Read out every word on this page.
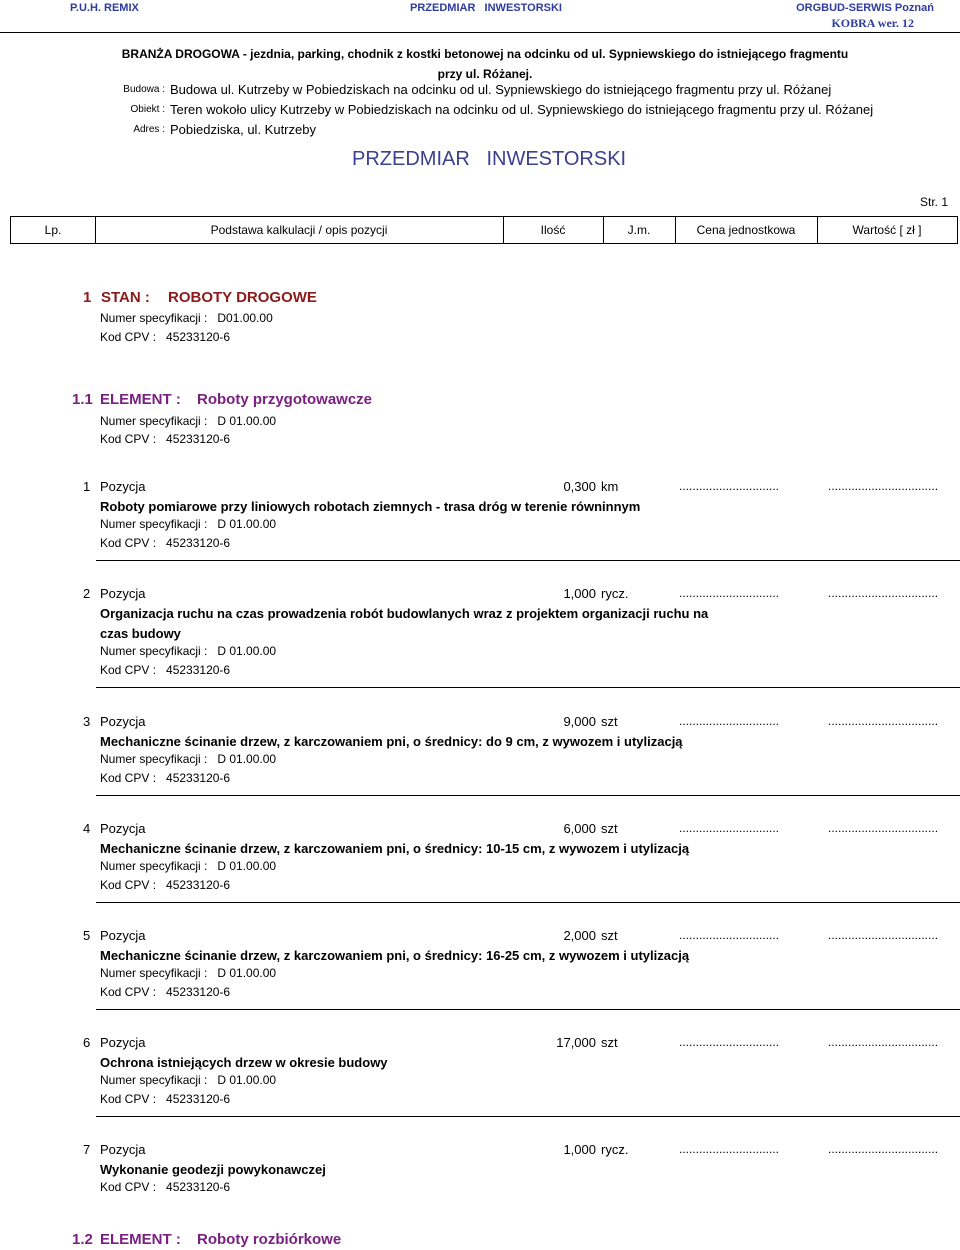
P.U.H. REMIX	PRZEDMIAR   INWESTORSKI	ORGBUD-SERWIS Poznań
KOBRA wer. 12
BRANŻA DROGOWA - jezdnia, parking, chodnik z kostki betonowej na odcinku od ul. Sypniewskiego do istniejącego fragmentu przy ul. Różanej.
Budowa : Budowa ul. Kutrzeby w Pobiedziskach na odcinku od ul. Sypniewskiego do istniejącego fragmentu przy ul. Różanej
Obiekt : Teren wokoło ulicy Kutrzeby w Pobiedziskach na odcinku od ul. Sypniewskiego do istniejącego fragmentu przy ul. Różanej
Adres : Pobiedziska, ul. Kutrzeby
PRZEDMIAR   INWESTORSKI
Str. 1
Lp.	Podstawa kalkulacji / opis pozycji	Ilość	J.m.	Cena jednostkowa	Wartość [ zł ]
1 STAN : ROBOTY DROGOWE
Numer specyfikacji :   D01.00.00
Kod CPV :   45233120-6
1.1 ELEMENT : Roboty przygotowawcze
Numer specyfikacji :   D 01.00.00
Kod CPV :   45233120-6
1 Pozycja	0,300 km	..............................	.................................
Roboty pomiarowe przy liniowych robotach ziemnych - trasa dróg w terenie równinnym
Numer specyfikacji :   D 01.00.00
Kod CPV :   45233120-6
2 Pozycja	1,000 rycz.	..............................	.................................
Organizacja ruchu na czas prowadzenia robót budowlanych wraz z projektem organizacji ruchu na czas budowy
Numer specyfikacji :   D 01.00.00
Kod CPV :   45233120-6
3 Pozycja	9,000 szt	..............................	.................................
Mechaniczne ścinanie drzew, z karczowaniem pni, o średnicy: do 9 cm, z wywozem i utylizacją
Numer specyfikacji :   D 01.00.00
Kod CPV :   45233120-6
4 Pozycja	6,000 szt	..............................	.................................
Mechaniczne ścinanie drzew, z karczowaniem pni, o średnicy: 10-15 cm, z wywozem i utylizacją
Numer specyfikacji :   D 01.00.00
Kod CPV :   45233120-6
5 Pozycja	2,000 szt	..............................	.................................
Mechaniczne ścinanie drzew, z karczowaniem pni, o średnicy: 16-25 cm, z wywozem i utylizacją
Numer specyfikacji :   D 01.00.00
Kod CPV :   45233120-6
6 Pozycja	17,000 szt	..............................	.................................
Ochrona istniejących drzew w okresie budowy
Numer specyfikacji :   D 01.00.00
Kod CPV :   45233120-6
7 Pozycja	1,000 rycz.	..............................	.................................
Wykonanie geodezji powykonawczej
Kod CPV :   45233120-6
1.2 ELEMENT : Roboty rozbiórkowe
